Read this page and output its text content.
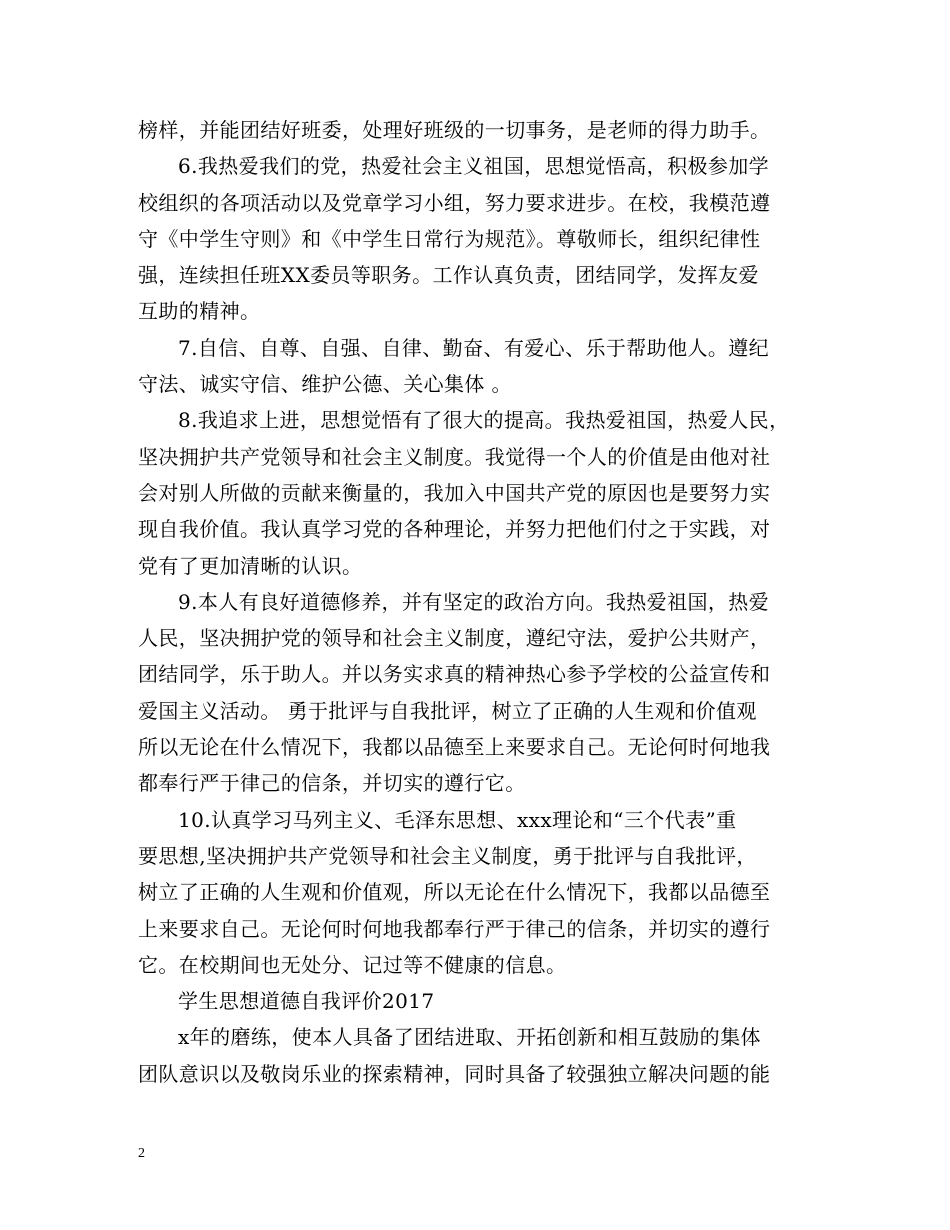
榜样，并能团结好班委，处理好班级的一切事务，是老师的得力助手。
6.我热爱我们的党，热爱社会主义祖国，思想觉悟高，积极参加学
校组织的各项活动以及党章学习小组，努力要求进步。在校，我模范遵
守《中学生守则》和《中学生日常行为规范》。尊敬师长，组织纪律性
强，连续担任班XX委员等职务。工作认真负责，团结同学，发挥友爱
互助的精神。
7.自信、自尊、自强、自律、勤奋、有爱心、乐于帮助他人。遵纪
守法、诚实守信、维护公德、关心集体 。
8.我追求上进，思想觉悟有了很大的提高。我热爱祖国，热爱人民，
坚决拥护共产党领导和社会主义制度。我觉得一个人的价值是由他对社
会对别人所做的贡献来衡量的，我加入中国共产党的原因也是要努力实
现自我价值。我认真学习党的各种理论，并努力把他们付之于实践，对
党有了更加清晰的认识。
9.本人有良好道德修养，并有坚定的政治方向。我热爱祖国，热爱
人民，坚决拥护党的领导和社会主义制度，遵纪守法，爱护公共财产，
团结同学，乐于助人。并以务实求真的精神热心参予学校的公益宣传和
爱国主义活动。 勇于批评与自我批评，树立了正确的人生观和价值观
所以无论在什么情况下，我都以品德至上来要求自己。无论何时何地我
都奉行严于律己的信条，并切实的遵行它。
10.认真学习马列主义、毛泽东思想、xxx理论和“三个代表”重
要思想,坚决拥护共产党领导和社会主义制度，勇于批评与自我批评，
树立了正确的人生观和价值观，所以无论在什么情况下，我都以品德至
上来要求自己。无论何时何地我都奉行严于律己的信条，并切实的遵行
它。在校期间也无处分、记过等不健康的信息。
学生思想道德自我评价2017
x年的磨练，使本人具备了团结进取、开拓创新和相互鼓励的集体
团队意识以及敬岗乐业的探索精神，同时具备了较强独立解决问题的能
2
